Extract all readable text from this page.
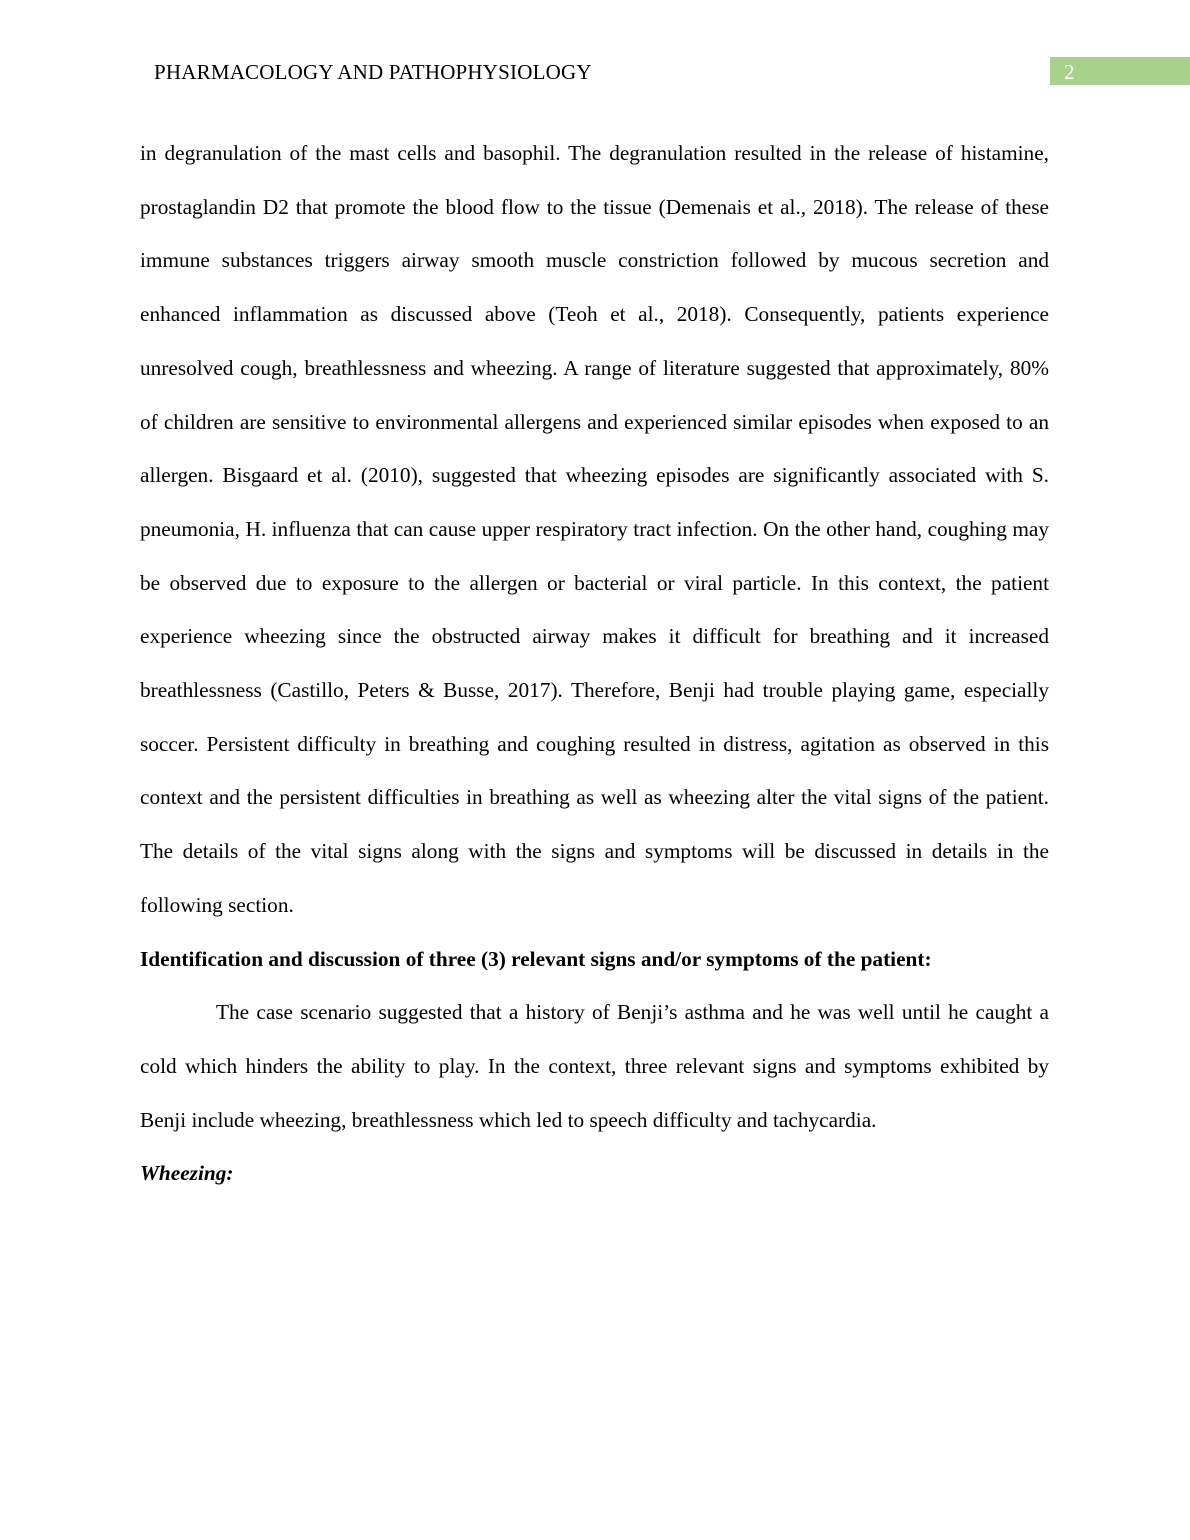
PHARMACOLOGY AND PATHOPHYSIOLOGY	2

in degranulation of the mast cells and basophil. The degranulation resulted in the release of histamine, prostaglandin D2 that promote the blood flow to the tissue (Demenais et al., 2018). The release of these immune substances triggers airway smooth muscle constriction followed by mucous secretion and enhanced inflammation as discussed above (Teoh et al., 2018). Consequently, patients experience unresolved cough, breathlessness and wheezing. A range of literature suggested that approximately, 80% of children are sensitive to environmental allergens and experienced similar episodes when exposed to an allergen. Bisgaard et al. (2010), suggested that wheezing episodes are significantly associated with S. pneumonia, H. influenza that can cause upper respiratory tract infection. On the other hand, coughing may be observed due to exposure to the allergen or bacterial or viral particle. In this context, the patient experience wheezing since the obstructed airway makes it difficult for breathing and it increased breathlessness (Castillo, Peters & Busse, 2017). Therefore, Benji had trouble playing game, especially soccer. Persistent difficulty in breathing and coughing resulted in distress, agitation as observed in this context and the persistent difficulties in breathing as well as wheezing alter the vital signs of the patient. The details of the vital signs along with the signs and symptoms will be discussed in details in the following section.

Identification and discussion of three (3) relevant signs and/or symptoms of the patient:

The case scenario suggested that a history of Benji’s asthma and he was well until he caught a cold which hinders the ability to play. In the context, three relevant signs and symptoms exhibited by Benji include wheezing, breathlessness which led to speech difficulty and tachycardia.

Wheezing:
